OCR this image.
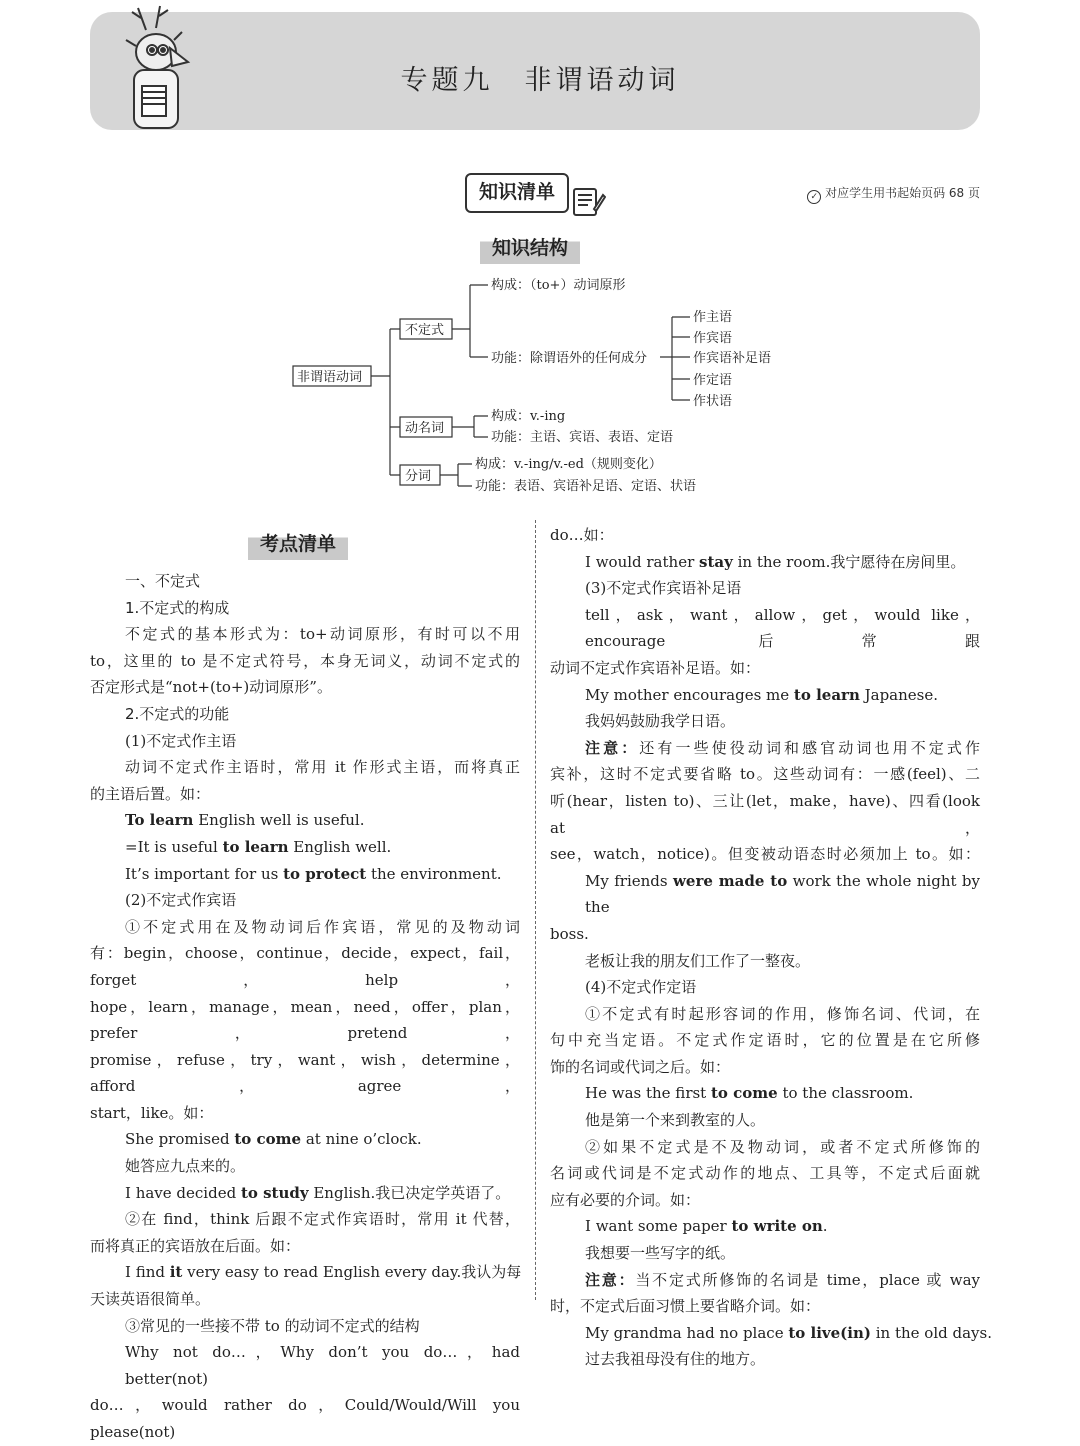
专题九　非谓语动词
知识清单	✓ 对应学生用书起始页码 68 页
知识结构
非谓语动词
不定式
构成：（to+）动词原形
功能：除谓语外的任何成分
作主语
作宾语
作宾语补足语
作定语
作状语
动名词
构成：v.-ing
功能：主语、宾语、表语、定语
分词
构成：v.-ing/v.-ed（规则变化）
功能：表语、宾语补足语、定语、状语
考点清单

一、不定式

1.不定式的构成

不定式的基本形式为：to+动词原形，有时可以不用

to，这里的 to 是不定式符号，本身无词义，动词不定式的

否定形式是“not+(to+)动词原形”。

2.不定式的功能

(1)不定式作主语

动词不定式作主语时，常用 it 作形式主语，而将真正

的主语后置。如：

To learn English well is useful.

=It is useful to learn English well.

It’s important for us to protect the environment.

(2)不定式作宾语

①不定式用在及物动词后作宾语，常见的及物动词

有：begin，choose，continue，decide，expect，fail，forget，help，

hope，learn，manage，mean，need，offer，plan，prefer，pretend，

promise，refuse，try，want，wish，determine，afford，agree，

start，like。如：

She promised to come at nine o’clock.

她答应九点来的。

I have decided to study English.我已决定学英语了。

②在 find，think 后跟不定式作宾语时，常用 it 代替，

而将真正的宾语放在后面。如：

I find it very easy to read English every day.我认为每

天读英语很简单。

③常见的一些接不带 to 的动词不定式的结构

Why not do…，Why don’t you do…，had better(not)

do…，would rather do，Could/Would/Will you please(not)

do…如：

I would rather stay in the room.我宁愿待在房间里。

(3)不定式作宾语补足语

tell，ask，want，allow，get，would like，encourage 后常跟

动词不定式作宾语补足语。如：

My mother encourages me to learn Japanese.

我妈妈鼓励我学日语。

注意：还有一些使役动词和感官动词也用不定式作

宾补，这时不定式要省略 to。这些动词有：一感(feel)、二

听(hear，listen to)、三让(let，make，have)、四看(look at，

see，watch，notice)。但变被动语态时必须加上 to。如：

My friends were made to work the whole night by the

boss.

老板让我的朋友们工作了一整夜。

(4)不定式作定语

①不定式有时起形容词的作用，修饰名词、代词，在

句中充当定语。不定式作定语时，它的位置是在它所修

饰的名词或代词之后。如：

He was the first to come to the classroom.

他是第一个来到教室的人。

②如果不定式是不及物动词，或者不定式所修饰的

名词或代词是不定式动作的地点、工具等，不定式后面就

应有必要的介词。如：

I want some paper to write on.

我想要一些写字的纸。

注意：当不定式所修饰的名词是 time，place 或 way

时，不定式后面习惯上要省略介词。如：

My grandma had no place to live(in) in the old days.

过去我祖母没有住的地方。
